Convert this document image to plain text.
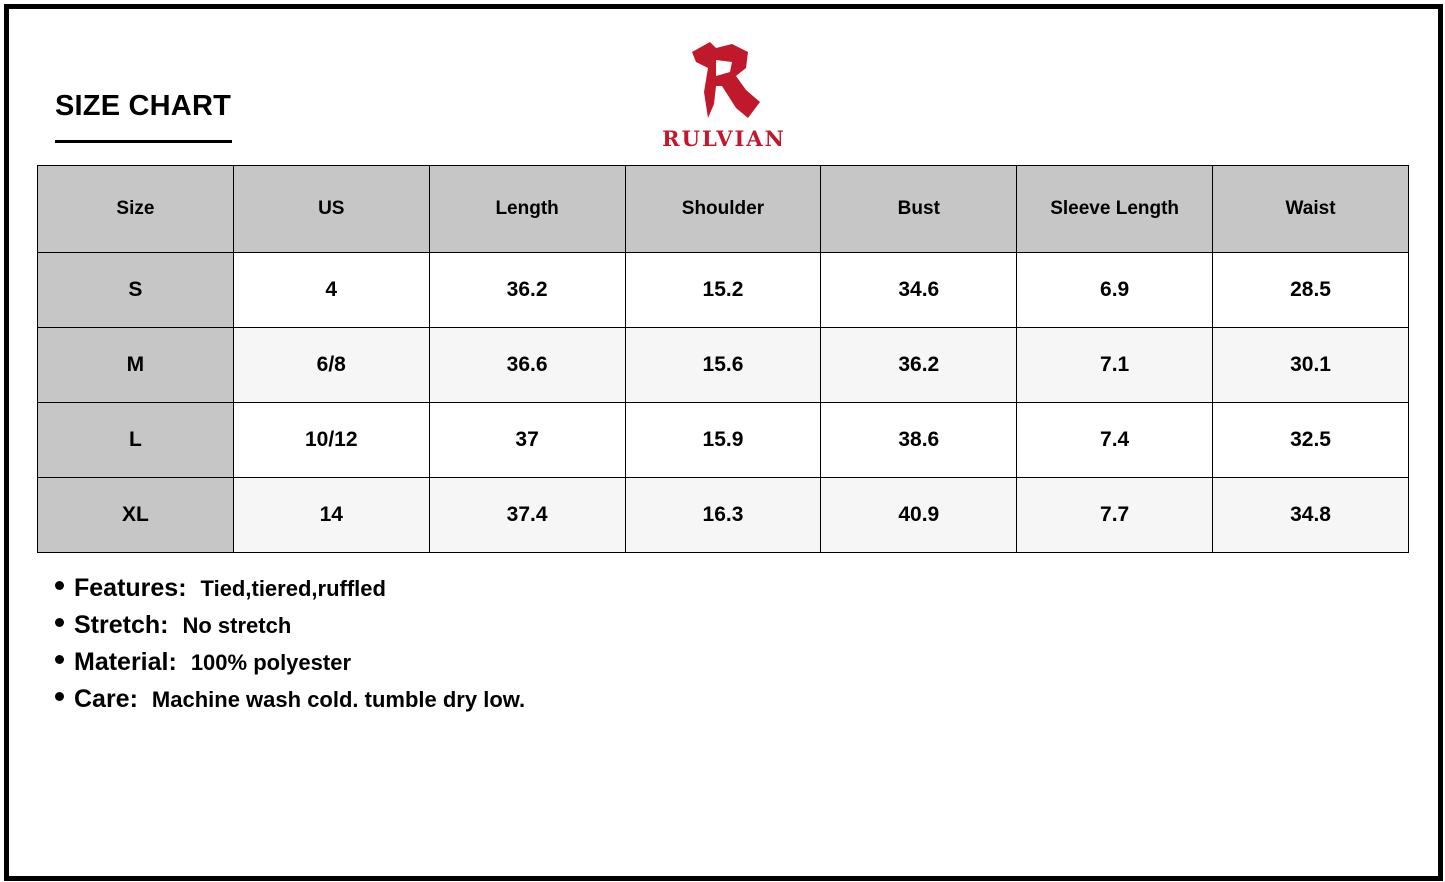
SIZE CHART
RULVIAN
Size	US	Length	Shoulder	Bust	Sleeve Length	Waist
S	4	36.2	15.2	34.6	6.9	28.5
M	6/8	36.6	15.6	36.2	7.1	30.1
L	10/12	37	15.9	38.6	7.4	32.5
XL	14	37.4	16.3	40.9	7.7	34.8
Features: Tied,tiered,ruffled
Stretch: No stretch
Material: 100% polyester
Care: Machine wash cold. tumble dry low.
